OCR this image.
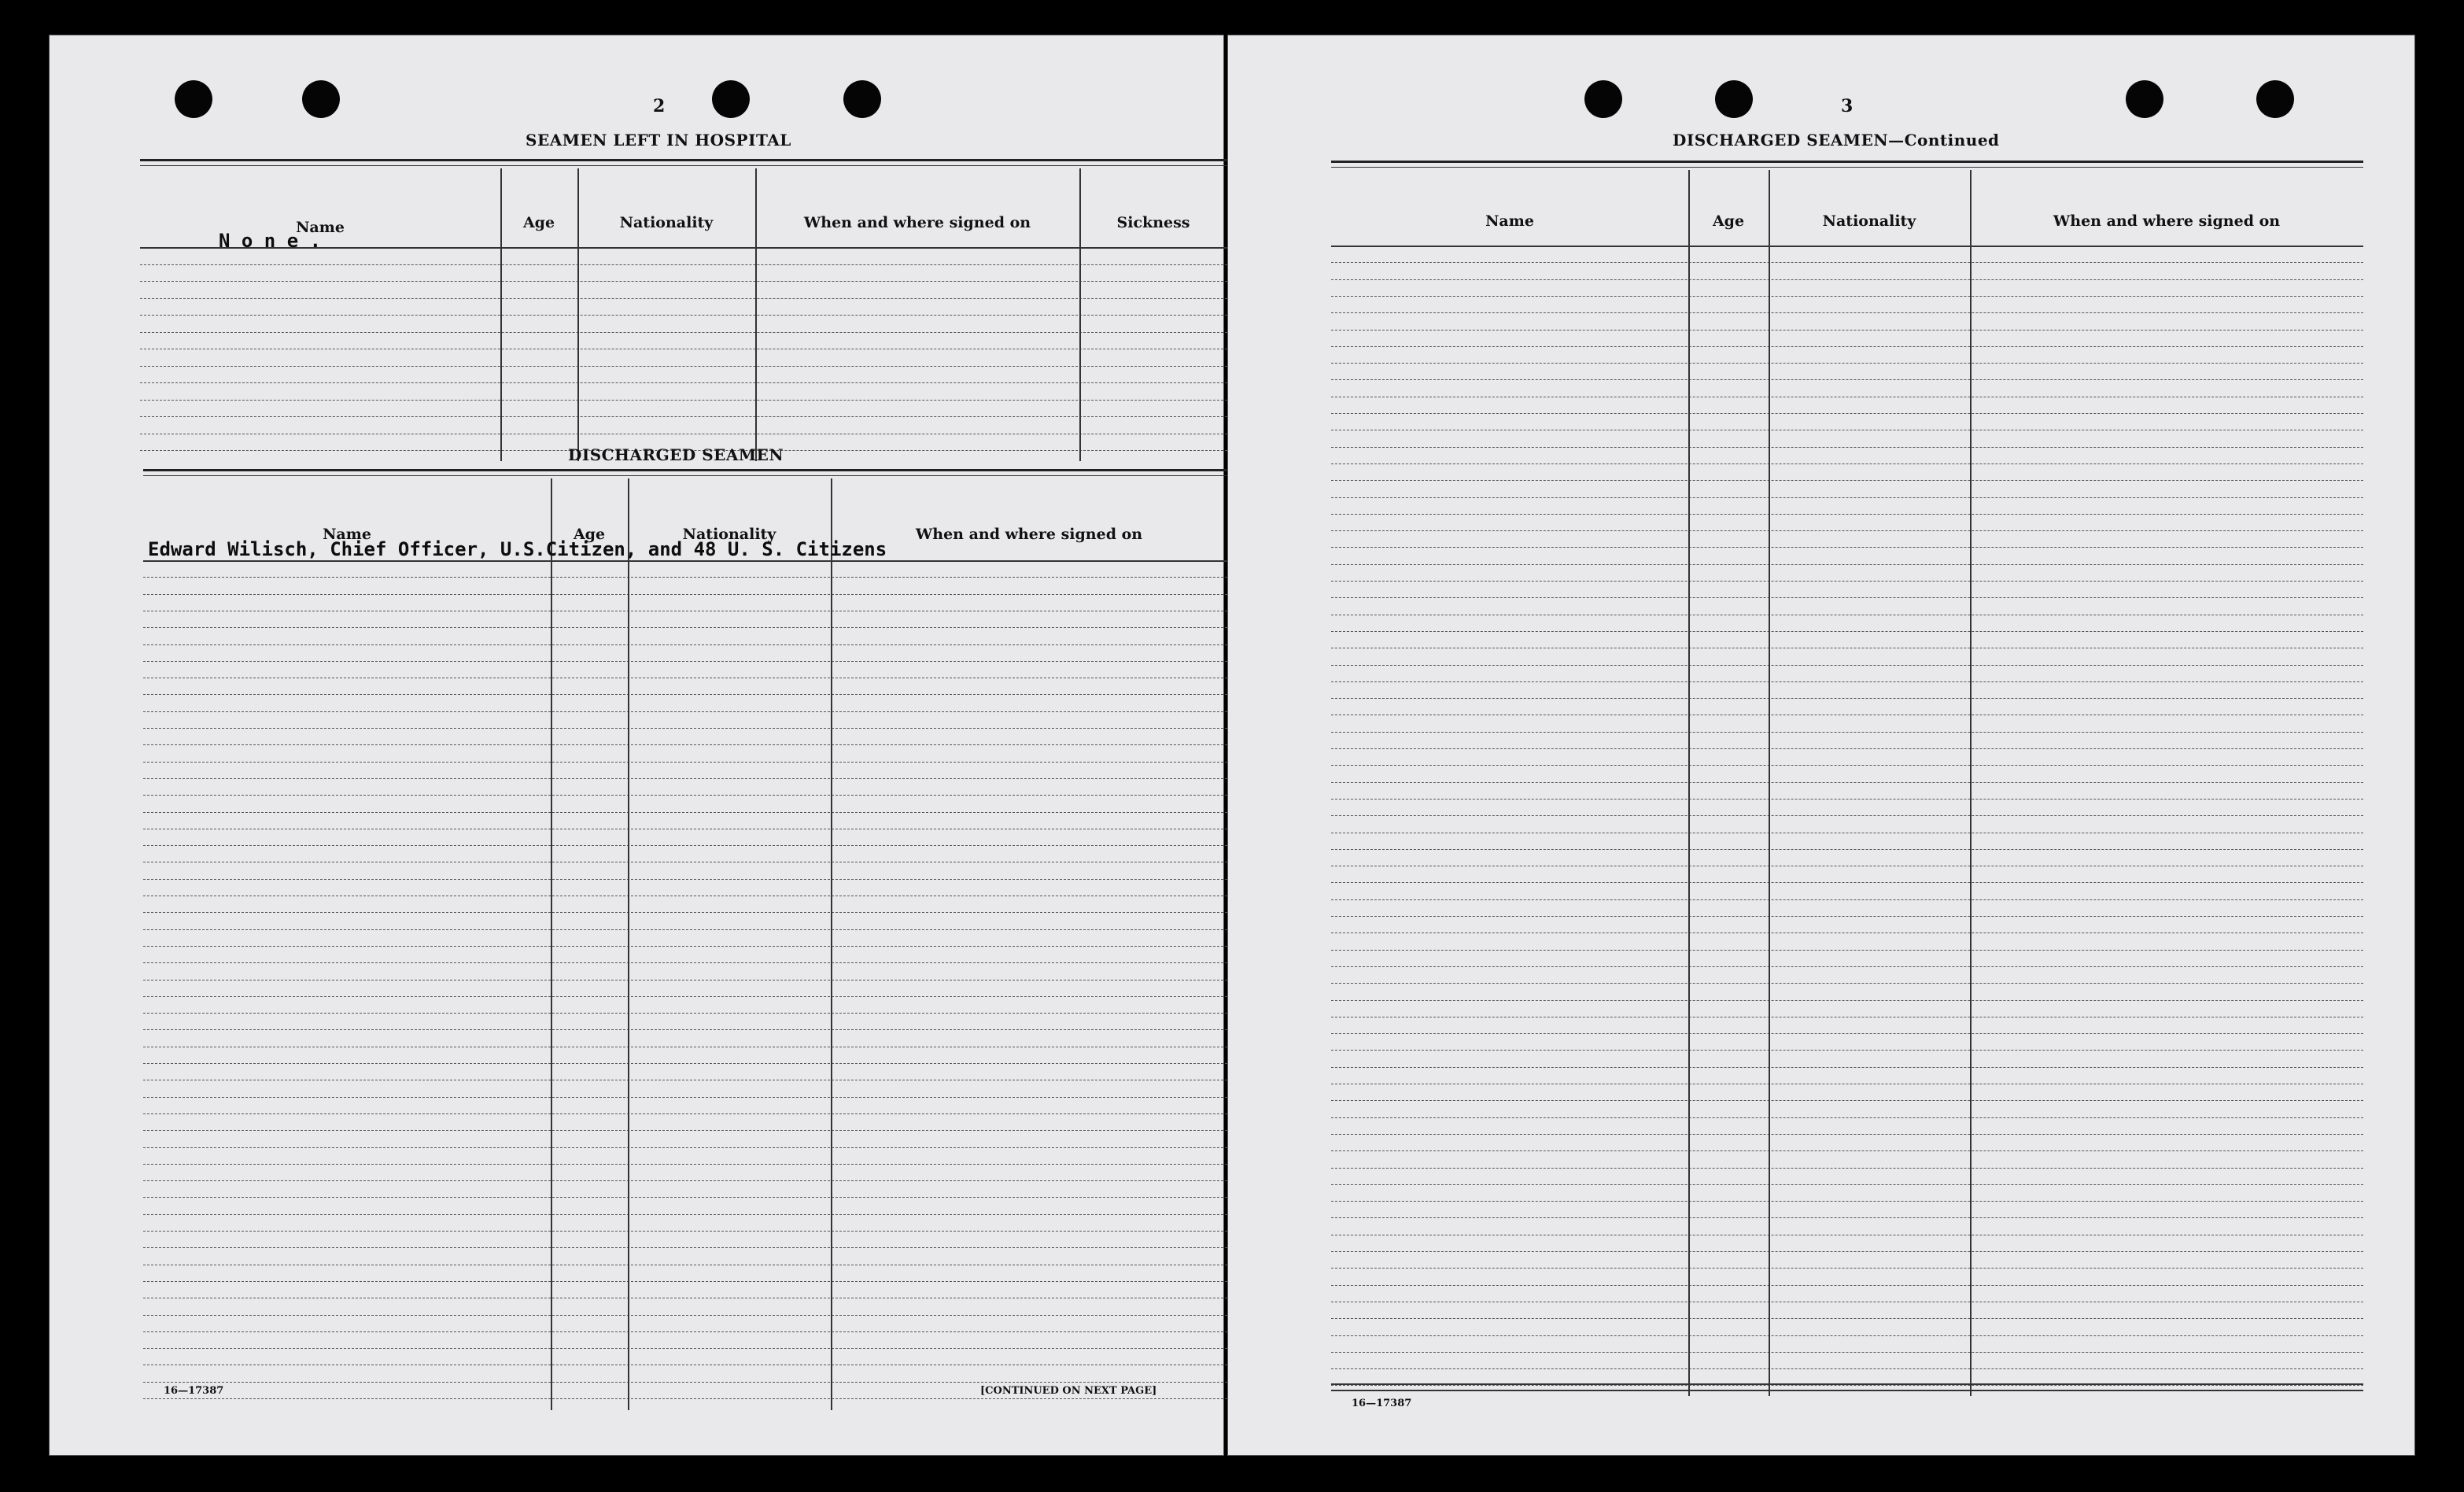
2
SEAMEN LEFT IN HOSPITAL
Name	Age	Nationality	When and where signed on	Sickness
N o n e .
DISCHARGED SEAMEN
Name	Age	Nationality	When and where signed on
Edward Wilisch, Chief Officer, U.S.Citizen, and 48 U. S. Citizens
16—17387	[CONTINUED ON NEXT PAGE]
3
DISCHARGED SEAMEN—Continued
Name	Age	Nationality	When and where signed on
16—17387
